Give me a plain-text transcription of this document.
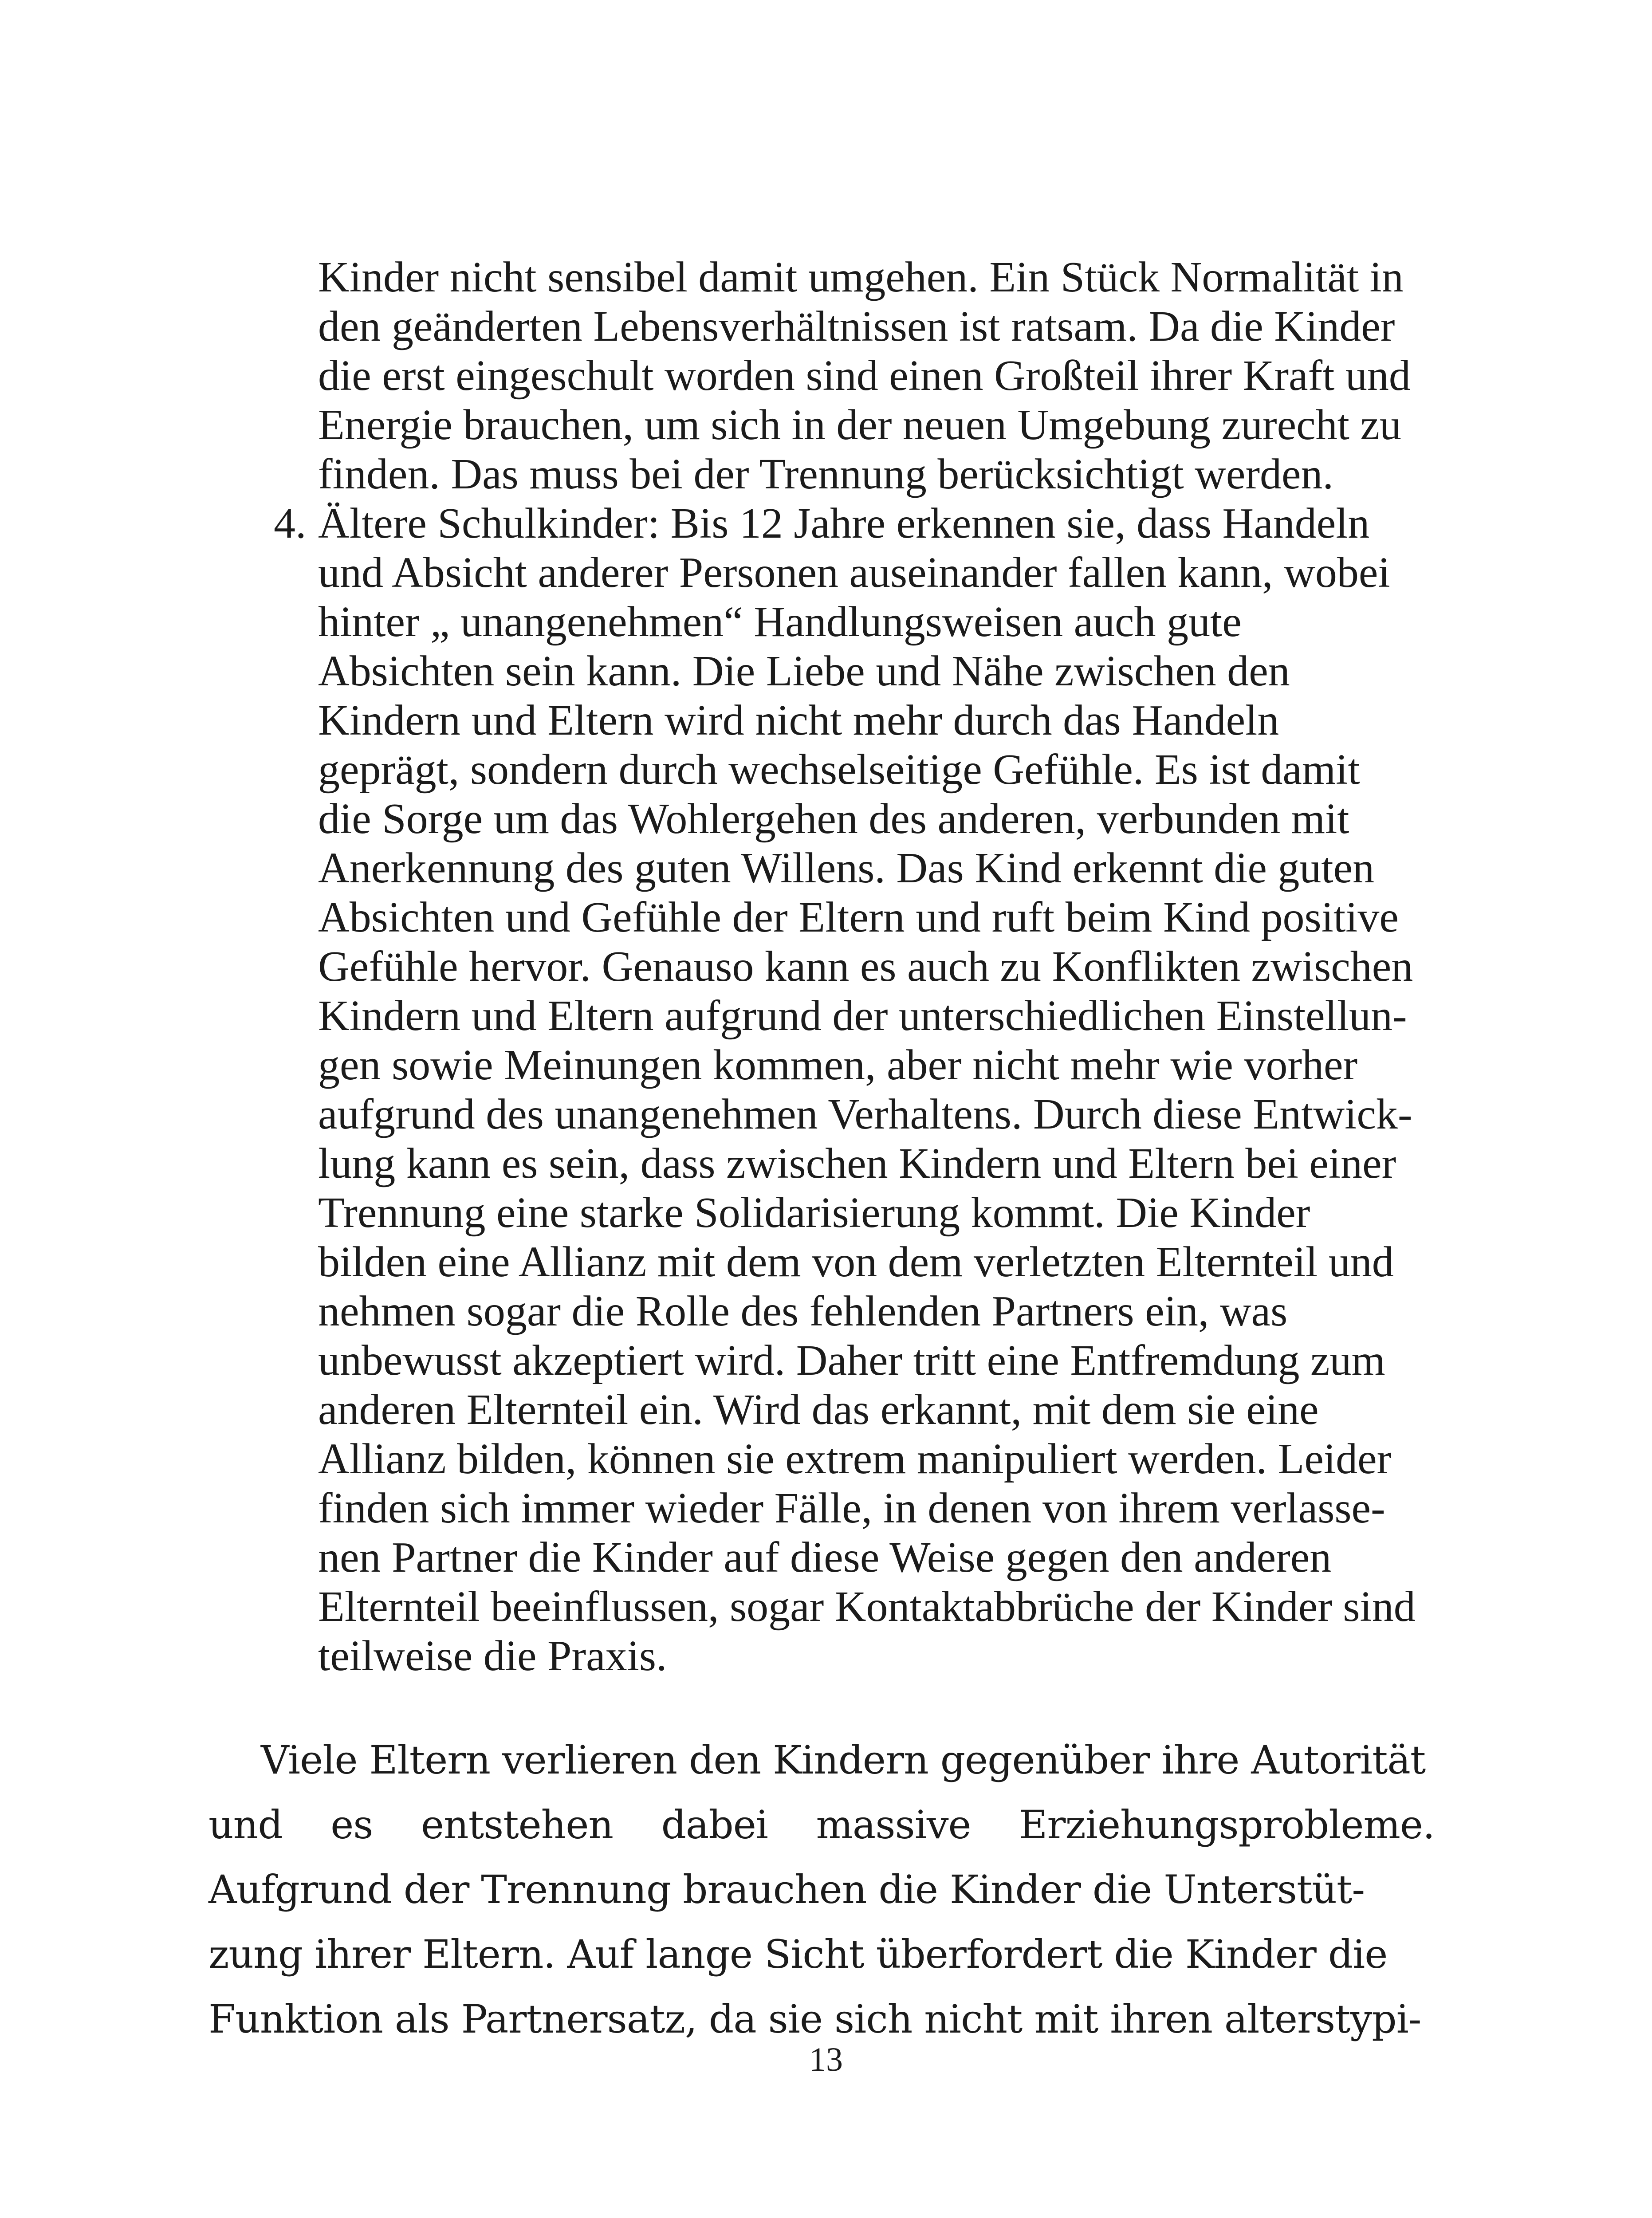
Kinder nicht sensibel damit umgehen. Ein Stück Normalität in
den geänderten Lebensverhältnissen ist ratsam. Da die Kinder
die erst eingeschult worden sind einen Großteil ihrer Kraft und
Energie brauchen, um sich in der neuen Umgebung zurecht zu
finden. Das muss bei der Trennung berücksichtigt werden.
4. Ältere Schulkinder: Bis 12 Jahre erkennen sie, dass Handeln
und Absicht anderer Personen auseinander fallen kann, wobei
hinter „ unangenehmen“ Handlungsweisen auch gute
Absichten sein kann. Die Liebe und Nähe zwischen den
Kindern und Eltern wird nicht mehr durch das Handeln
geprägt, sondern durch wechselseitige Gefühle. Es ist damit
die Sorge um das Wohlergehen des anderen, verbunden mit
Anerkennung des guten Willens. Das Kind erkennt die guten
Absichten und Gefühle der Eltern und ruft beim Kind positive
Gefühle hervor. Genauso kann es auch zu Konflikten zwischen
Kindern und Eltern aufgrund der unterschiedlichen Einstellun-
gen sowie Meinungen kommen, aber nicht mehr wie vorher
aufgrund des unangenehmen Verhaltens. Durch diese Entwick-
lung kann es sein, dass zwischen Kindern und Eltern bei einer
Trennung eine starke Solidarisierung kommt. Die Kinder
bilden eine Allianz mit dem von dem verletzten Elternteil und
nehmen sogar die Rolle des fehlenden Partners ein, was
unbewusst akzeptiert wird. Daher tritt eine Entfremdung zum
anderen Elternteil ein. Wird das erkannt, mit dem sie eine
Allianz bilden, können sie extrem manipuliert werden. Leider
finden sich immer wieder Fälle, in denen von ihrem verlasse-
nen Partner die Kinder auf diese Weise gegen den anderen
Elternteil beeinflussen, sogar Kontaktabbrüche der Kinder sind
teilweise die Praxis.
Viele Eltern verlieren den Kindern gegenüber ihre Autorität
und es entstehen dabei massive Erziehungsprobleme.
Aufgrund der Trennung brauchen die Kinder die Unterstüt-
zung ihrer Eltern. Auf lange Sicht überfordert die Kinder die
Funktion als Partnersatz, da sie sich nicht mit ihren alterstypi-
13
